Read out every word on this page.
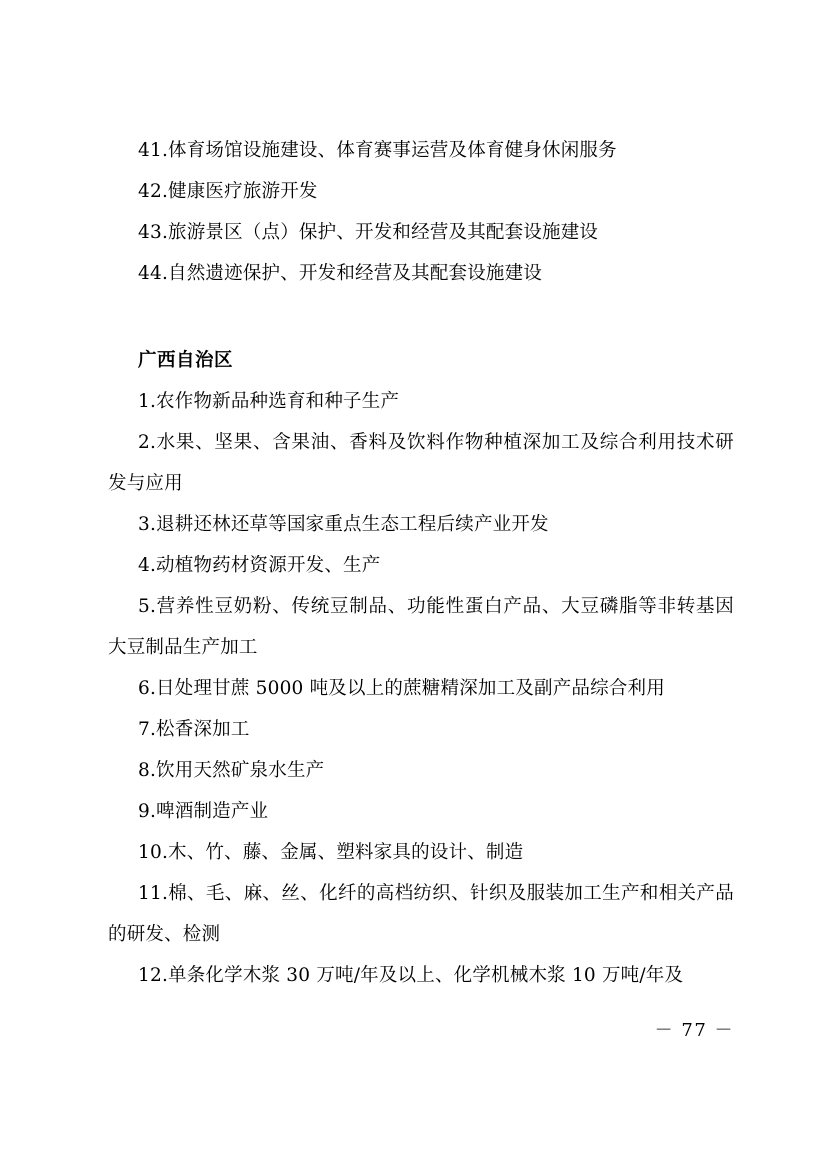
41.体育场馆设施建设、体育赛事运营及体育健身休闲服务

42.健康医疗旅游开发

43.旅游景区（点）保护、开发和经营及其配套设施建设

44.自然遗迹保护、开发和经营及其配套设施建设

广西自治区

1.农作物新品种选育和种子生产

2.水果、坚果、含果油、香料及饮料作物种植深加工及综合利用技术研发与应用

3.退耕还林还草等国家重点生态工程后续产业开发

4.动植物药材资源开发、生产

5.营养性豆奶粉、传统豆制品、功能性蛋白产品、大豆磷脂等非转基因大豆制品生产加工

6.日处理甘蔗 5000 吨及以上的蔗糖精深加工及副产品综合利用

7.松香深加工

8.饮用天然矿泉水生产

9.啤酒制造产业

10.木、竹、藤、金属、塑料家具的设计、制造

11.棉、毛、麻、丝、化纤的高档纺织、针织及服装加工生产和相关产品的研发、检测

12.单条化学木浆 30 万吨/年及以上、化学机械木浆 10 万吨/年及

－ 77 －
